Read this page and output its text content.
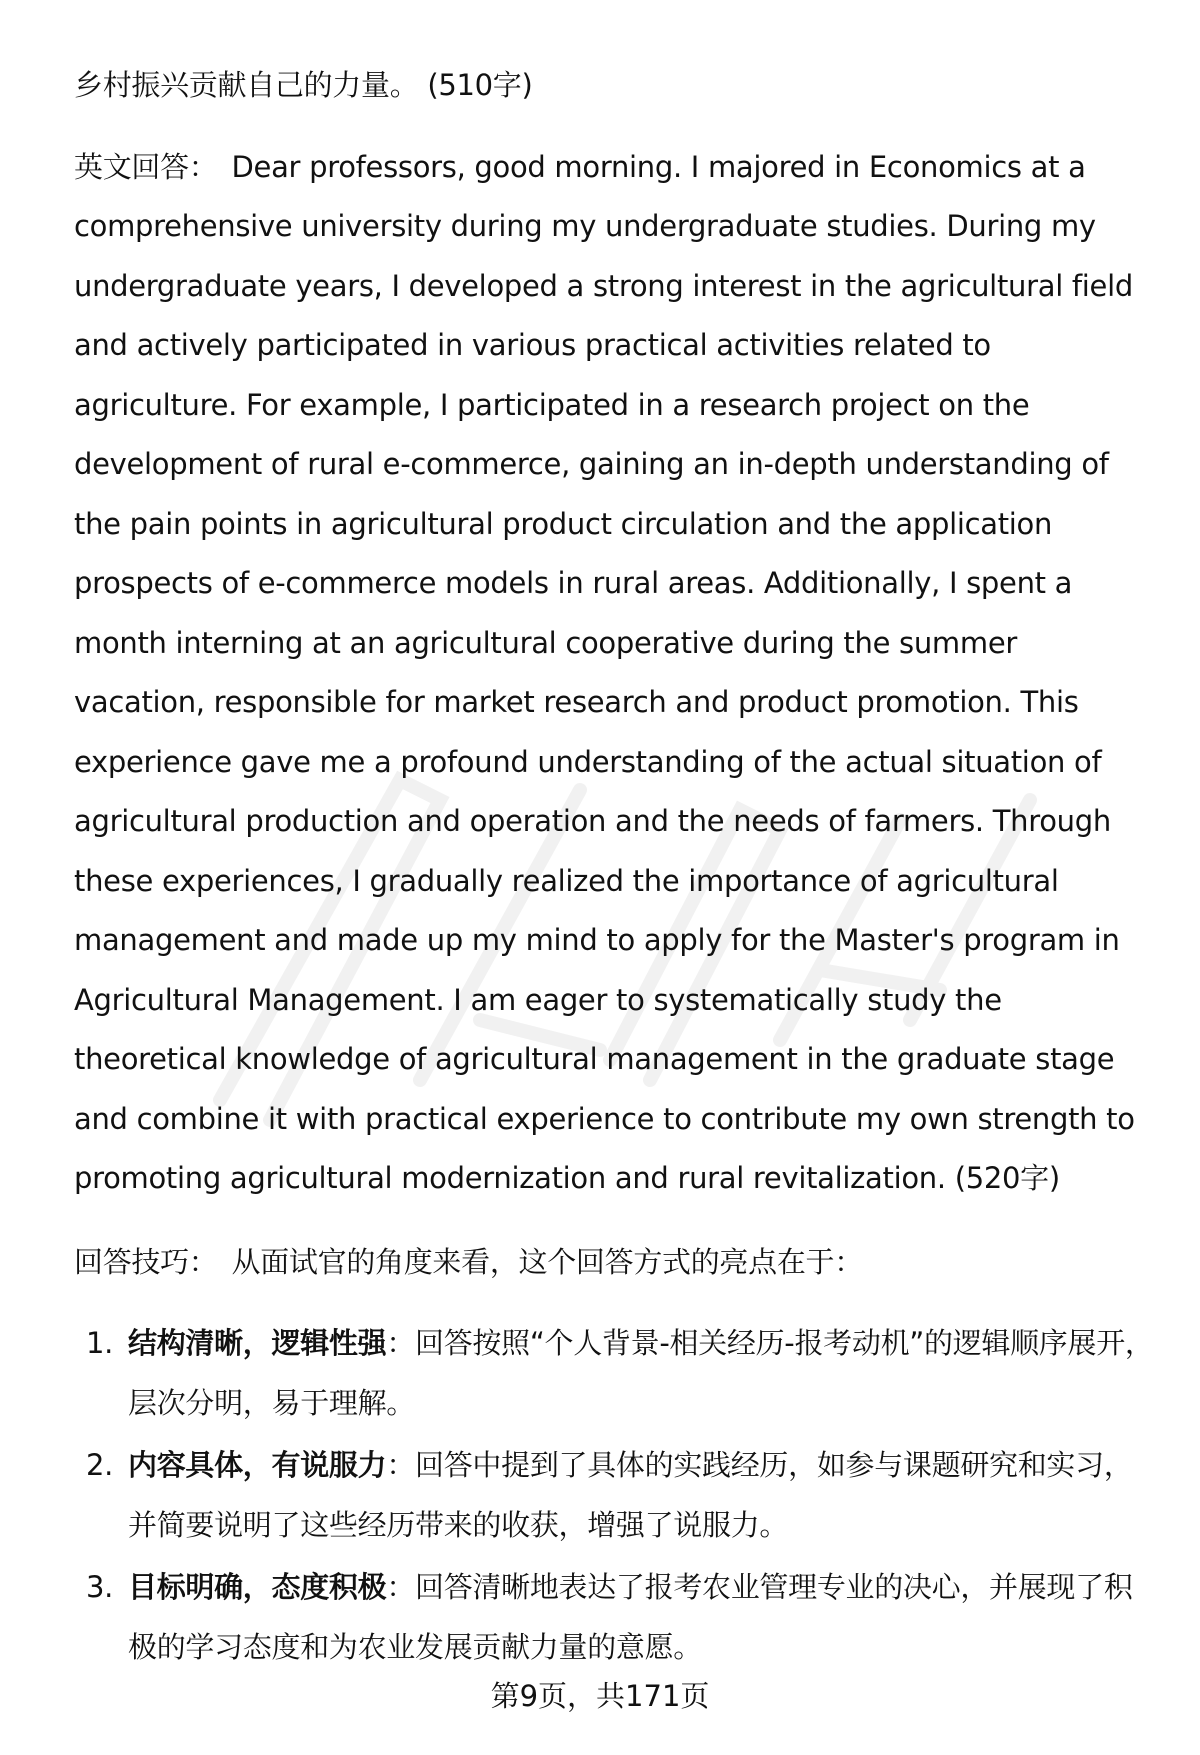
乡村振兴贡献自己的力量。 (510字)

英文回答： Dear professors, good morning. I majored in Economics at a comprehensive university during my undergraduate studies. During my undergraduate years, I developed a strong interest in the agricultural field and actively participated in various practical activities related to agriculture. For example, I participated in a research project on the development of rural e-commerce, gaining an in-depth understanding of the pain points in agricultural product circulation and the application prospects of e-commerce models in rural areas. Additionally, I spent a month interning at an agricultural cooperative during the summer vacation, responsible for market research and product promotion. This experience gave me a profound understanding of the actual situation of agricultural production and operation and the needs of farmers. Through these experiences, I gradually realized the importance of agricultural management and made up my mind to apply for the Master's program in Agricultural Management. I am eager to systematically study the theoretical knowledge of agricultural management in the graduate stage and combine it with practical experience to contribute my own strength to promoting agricultural modernization and rural revitalization. (520字)

回答技巧： 从面试官的角度来看，这个回答方式的亮点在于：

1. 结构清晰，逻辑性强：回答按照“个人背景-相关经历-报考动机”的逻辑顺序展开，层次分明，易于理解。
2. 内容具体，有说服力：回答中提到了具体的实践经历，如参与课题研究和实习，并简要说明了这些经历带来的收获，增强了说服力。
3. 目标明确，态度积极：回答清晰地表达了报考农业管理专业的决心，并展现了积极的学习态度和为农业发展贡献力量的意愿。
第9页，共171页
